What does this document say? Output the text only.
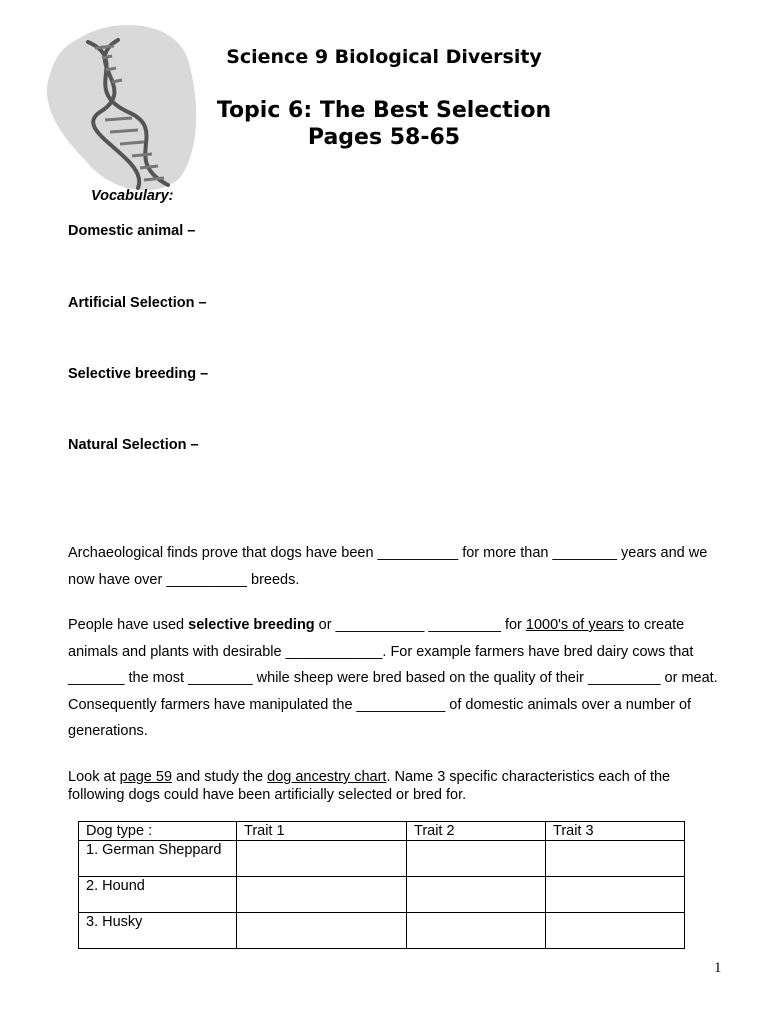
Science 9 Biological Diversity
Topic 6: The Best Selection
Pages 58-65
Vocabulary:
Domestic animal –
Artificial Selection –
Selective breeding –
Natural Selection –
Archaeological finds prove that dogs have been __________ for more than ________ years and we now have over __________ breeds.
People have used selective breeding or ___________ _________ for 1000's of years to create animals and plants with desirable ____________. For example farmers have bred dairy cows that _______ the most ________ while sheep were bred based on the quality of their _________ or meat. Consequently farmers have manipulated the ___________ of domestic animals over a number of generations.
Look at page 59 and study the dog ancestry chart. Name 3 specific characteristics each of the following dogs could have been artificially selected or bred for.
Dog type :	Trait 1	Trait 2	Trait 3
1. German Sheppard			
2. Hound			
3. Husky			
1
